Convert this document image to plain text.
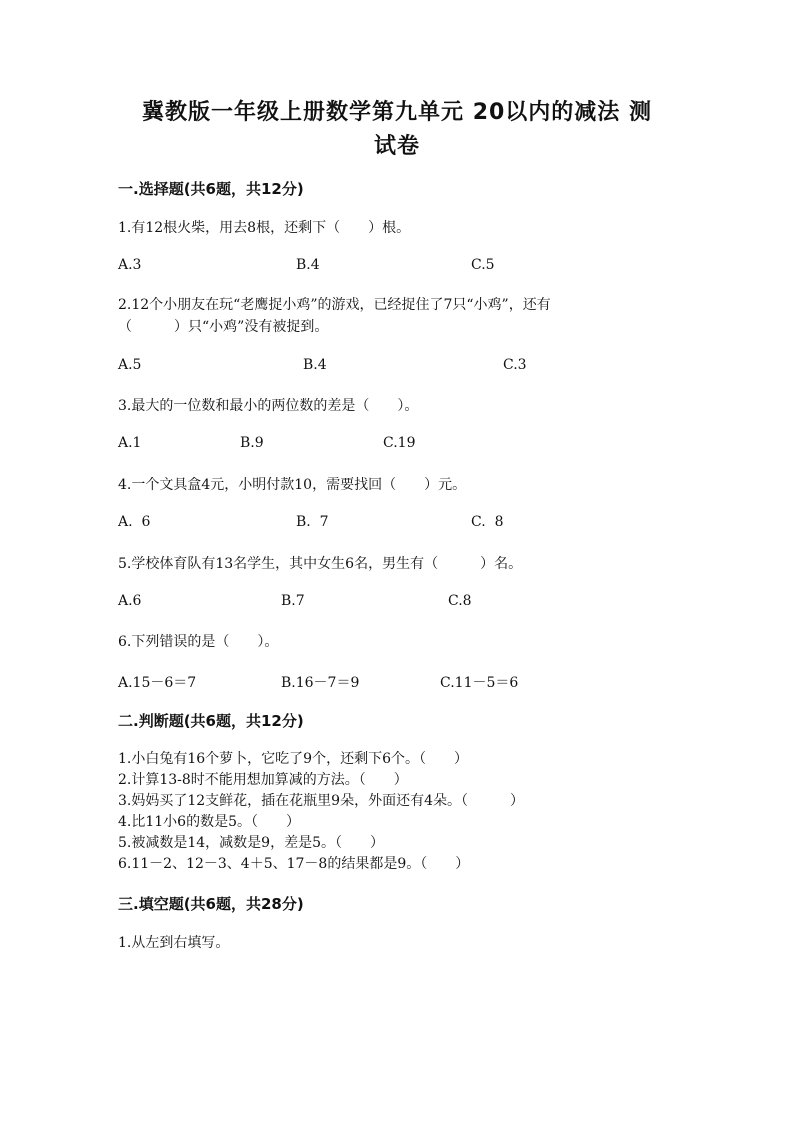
冀教版一年级上册数学第九单元 20以内的减法 测
试卷
一.选择题(共6题，共12分)
1.有12根火柴，用去8根，还剩下（　　）根。
A.3	B.4	C.5
2.12个小朋友在玩“老鹰捉小鸡”的游戏，已经捉住了7只“小鸡”，还有
（　　　）只“小鸡”没有被捉到。
A.5	B.4	C.3
3.最大的一位数和最小的两位数的差是（　　）。
A.1	B.9	C.19
4.一个文具盒4元，小明付款10，需要找回（　　）元。
A.  6	B.  7	C.  8
5.学校体育队有13名学生，其中女生6名，男生有（　　　）名。
A.6	B.7	C.8
6.下列错误的是（　　）。
A.15－6＝7	B.16－7＝9	C.11－5＝6
二.判断题(共6题，共12分)
1.小白兔有16个萝卜，它吃了9个，还剩下6个。（　　）
2.计算13-8时不能用想加算减的方法。（　　）
3.妈妈买了12支鲜花，插在花瓶里9朵，外面还有4朵。（　　　）
4.比11小6的数是5。（　　）
5.被减数是14，减数是9，差是5。（　　）
6.11－2、12－3、4＋5、17－8的结果都是9。（　　）
三.填空题(共6题，共28分)
1.从左到右填写。
